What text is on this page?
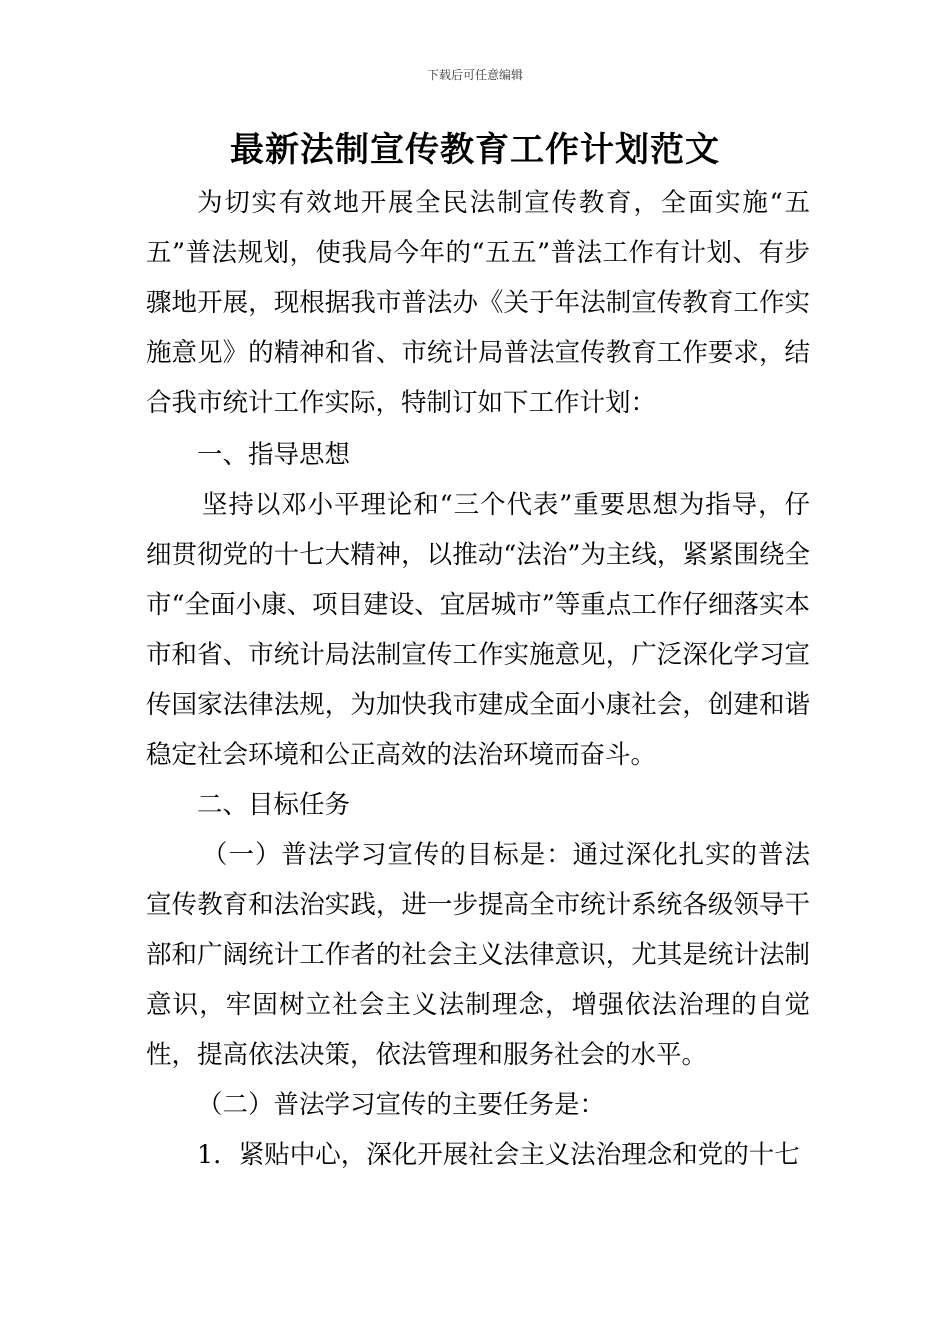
下载后可任意编辑
最新法制宣传教育工作计划范文

为切实有效地开展全民法制宣传教育，全面实施“五五”普法规划，使我局今年的“五五”普法工作有计划、有步骤地开展，现根据我市普法办《关于年法制宣传教育工作实施意见》的精神和省、市统计局普法宣传教育工作要求，结合我市统计工作实际，特制订如下工作计划：

一、指导思想

坚持以邓小平理论和“三个代表”重要思想为指导，仔细贯彻党的十七大精神，以推动“法治”为主线，紧紧围绕全市“全面小康、项目建设、宜居城市”等重点工作仔细落实本市和省、市统计局法制宣传工作实施意见，广泛深化学习宣传国家法律法规，为加快我市建成全面小康社会，创建和谐稳定社会环境和公正高效的法治环境而奋斗。

二、目标任务

（一）普法学习宣传的目标是：通过深化扎实的普法宣传教育和法治实践，进一步提高全市统计系统各级领导干部和广阔统计工作者的社会主义法律意识，尤其是统计法制意识，牢固树立社会主义法制理念，增强依法治理的自觉性，提高依法决策，依法管理和服务社会的水平。

（二）普法学习宣传的主要任务是：

1．紧贴中心，深化开展社会主义法治理念和党的十七
